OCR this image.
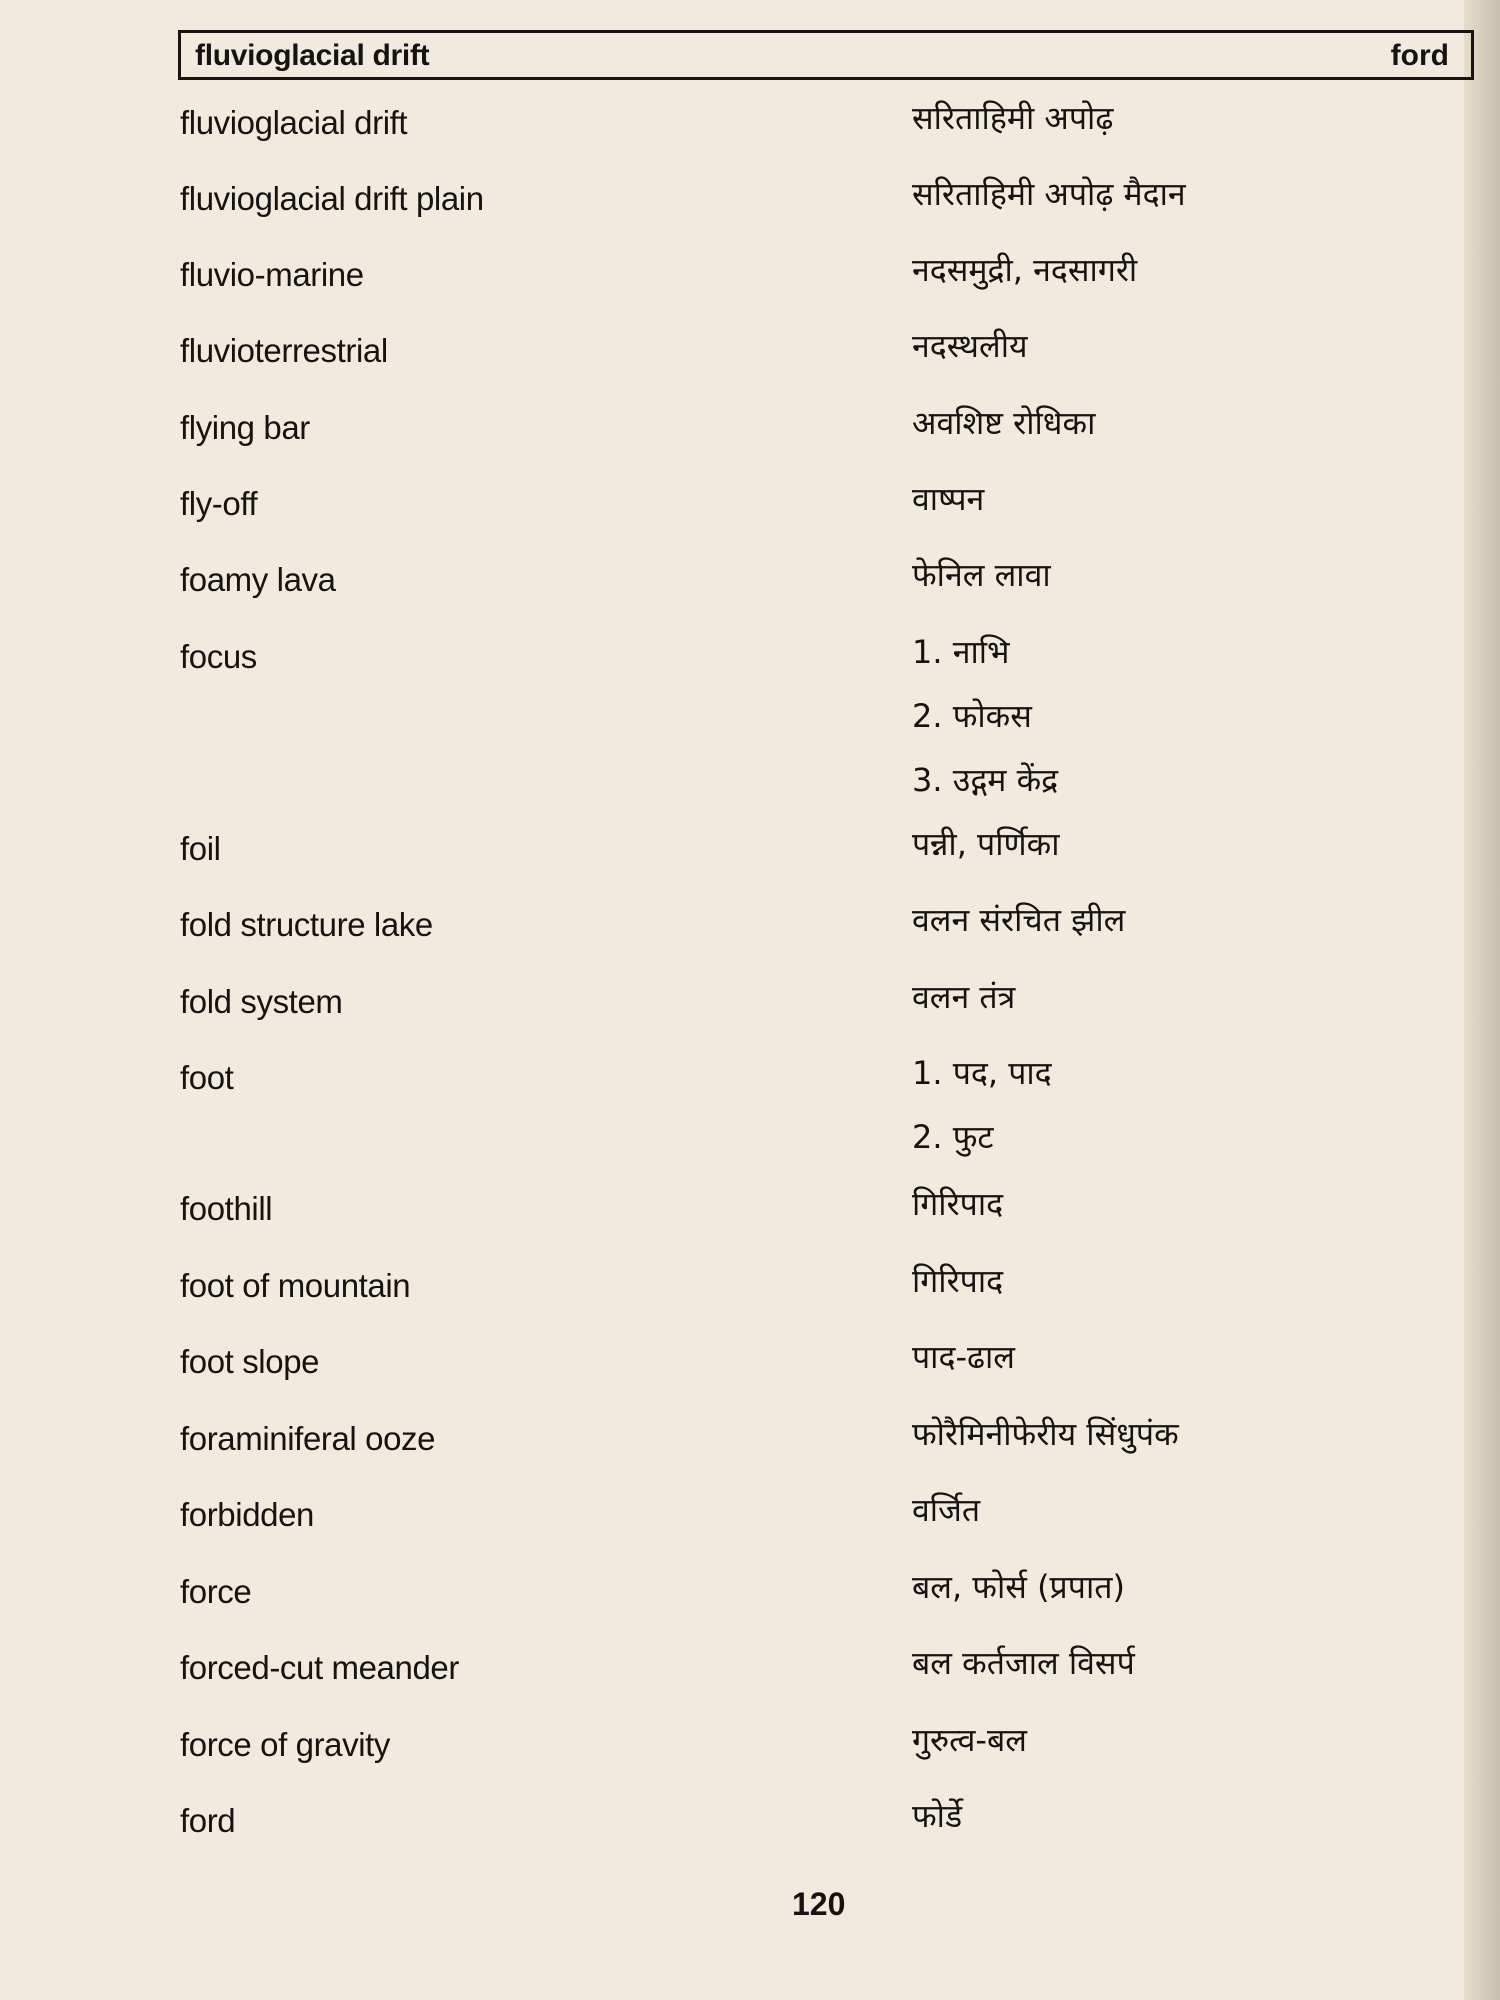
fluvioglacial drift	ford
fluvioglacial drift	सरिताहिमी अपोढ़
fluvioglacial drift plain	सरिताहिमी अपोढ़ मैदान
fluvio-marine	नदसमुद्री, नदसागरी
fluvioterrestrial	नदस्थलीय
flying bar	अवशिष्ट रोधिका
fly-off	वाष्पन
foamy lava	फेनिल लावा
focus	1. नाभि
2. फोकस
3. उद्गम केंद्र
foil	पन्नी, पर्णिका
fold structure lake	वलन संरचित झील
fold system	वलन तंत्र
foot	1. पद, पाद
2. फुट
foothill	गिरिपाद
foot of mountain	गिरिपाद
foot slope	पाद-ढाल
foraminiferal ooze	फोरैमिनीफेरीय सिंधुपंक
forbidden	वर्जित
force	बल, फोर्स (प्रपात)
forced-cut meander	बल कर्तजाल विसर्प
force of gravity	गुरुत्व-बल
ford	फोर्डे
120
